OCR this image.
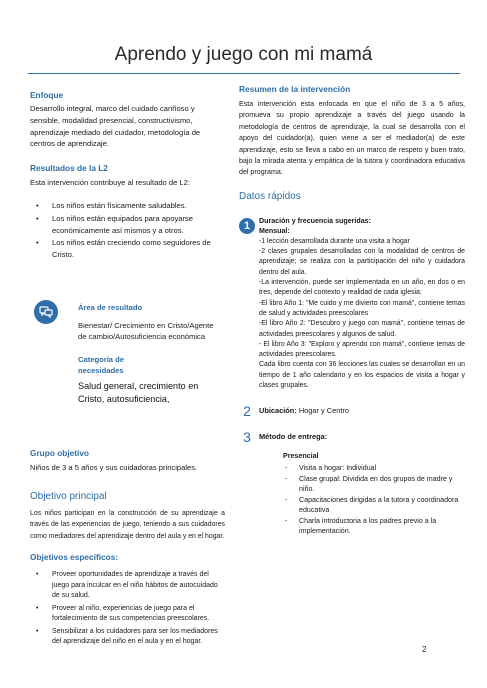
Aprendo y juego con mi mamá

Enfoque

Desarrollo integral, marco del cuidado cariñoso y sensible, modalidad presencial, constructivismo, aprendizaje mediado del cuidador, metodología de centros de aprendizaje.

Resultados de la L2

Esta intervención contribuye al resultado de L2:

• Los niños están físicamente saludables.
• Los niños están equipados para apoyarse económicamente así mismos y a otros.
• Los niños están creciendo como seguidores de Cristo.

Área de resultado

Bienestar/ Crecimiento en Cristo/Agente de cambio/Autosuficiencia económica

Categoría de necesidades

Salud general, crecimiento en Cristo, autosuficiencia,

Grupo objetivo

Niños de 3 a 5 años y sus cuidadoras principales.

Objetivo principal

Los niños participan en la construcción de su aprendizaje a través de las experiencias de juego, teniendo a sus cuidadores como mediadores del aprendizaje dentro del aula y en el hogar.

Objetivos específicos:

• Proveer oportunidades de aprendizaje a través del juego para inculcar en el niño hábitos de autocuidado de su salud.
• Proveer al niño, experiencias de juego para el fortalecimiento de sus competencias preescolares.
• Sensibilizar a los cuidadores para ser los mediadores del aprendizaje del niño en el aula y en el hogar.

Resumen de la intervención

Esta intervención esta enfocada en que el niño de 3 a 5 años, promueva su propio aprendizaje a través del juego usando la metodología de centros de aprendizaje, la cual se desarrolla con el apoyo del cuidador(a), quien viene a ser el mediador(a) de este aprendizaje, esto se lleva a cabo en un marco de respeto y buen trato, bajo la mirada atenta y empática de la tutora y coordinadora educativa del programa.

Datos rápidos

1	Duración y frecuencia sugeridas:

Mensual:

-1 lección desarrollada durante una visita a hogar

-2 clases grupales desarrolladas con la modalidad de centros de aprendizaje; se realiza con la participación del niño y cuidadora dentro del aula.

-La intervención, puede ser implementada en un año, en dos o en tres, depende del contexto y realidad de cada iglesia:

-El libro Año 1: "Me cuido y me divierto con mamá", contiene temas de salud y actividades preescolares

-El libro Año 2: "Descubro y juego con mamá", contiene temas de actividades preescolares y algunos de salud.

- El libro Año 3: "Exploro y aprendo con mamá", contiene temas de actividades preescolares.

Cada libro cuenta con 36 lecciones las cuales se desarrollan en un tiempo de 1 año calendario y en los espacios de visita a hogar y clases grupales.

2	Ubicación: Hogar y Centro

3	Método de entrega:

Presencial

- Visita a hogar: Individual
- Clase grupal: Dividida en dos grupos de madre y niño.
- Capacitaciones dirigidas a la tutora y coordinadora educativa
- Charla introductoria a los padres previo a la implementación.
2
